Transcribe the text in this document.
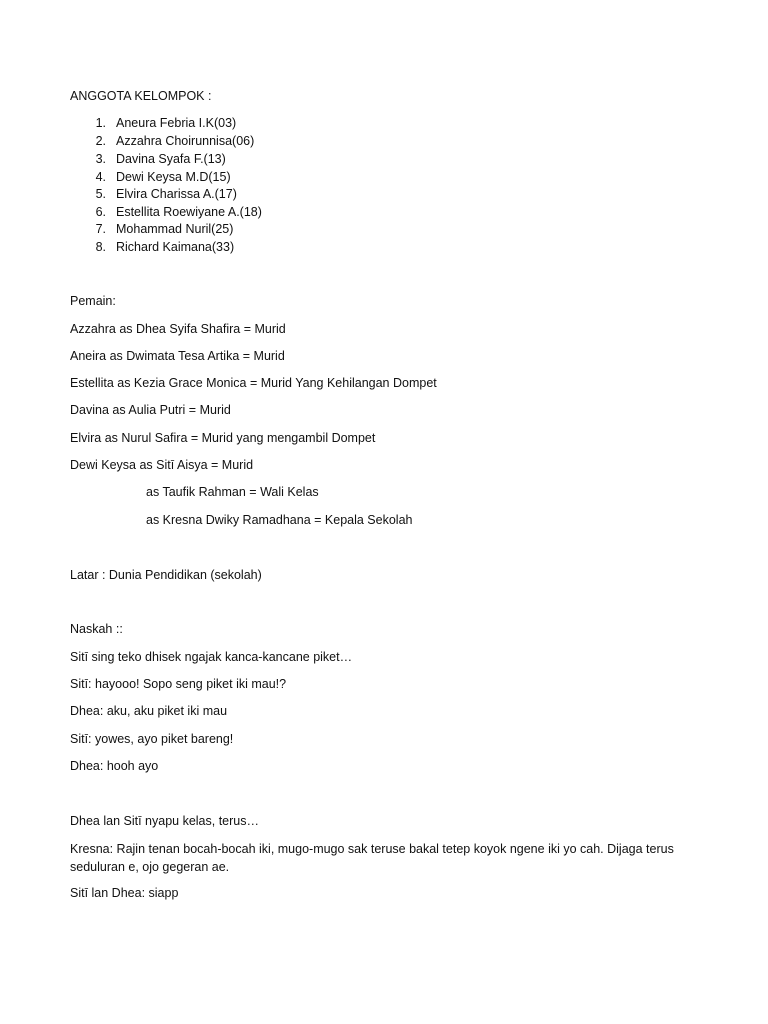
ANGGOTA KELOMPOK :
1. Aneura Febria I.K(03)
2. Azzahra Choirunnisa(06)
3. Davina Syafa F.(13)
4. Dewi Keysa M.D(15)
5. Elvira Charissa A.(17)
6. Estellita Roewiyane A.(18)
7. Mohammad Nuril(25)
8. Richard Kaimana(33)
Pemain:
Azzahra as Dhea Syifa Shafira = Murid
Aneira as Dwimata Tesa Artika = Murid
Estellita as Kezia Grace Monica = Murid Yang Kehilangan Dompet
Davina as Aulia Putri = Murid
Elvira as Nurul Safira = Murid yang mengambil Dompet
Dewi Keysa as Sitī Aisya = Murid
as Taufik Rahman = Wali Kelas
as Kresna Dwiky Ramadhana = Kepala Sekolah
Latar : Dunia Pendidikan (sekolah)
Naskah ::
Sitī sing teko dhisek ngajak kanca-kancane piket…
Sitī: hayooo! Sopo seng piket iki mau!?
Dhea: aku, aku piket iki mau
Sitī: yowes, ayo piket bareng!
Dhea: hooh ayo
Dhea lan Sitī nyapu kelas, terus…
Kresna: Rajin tenan bocah-bocah iki, mugo-mugo sak teruse bakal tetep koyok ngene iki yo cah. Dijaga terus seduluran e, ojo gegeran ae.
Sitī lan Dhea: siapp
